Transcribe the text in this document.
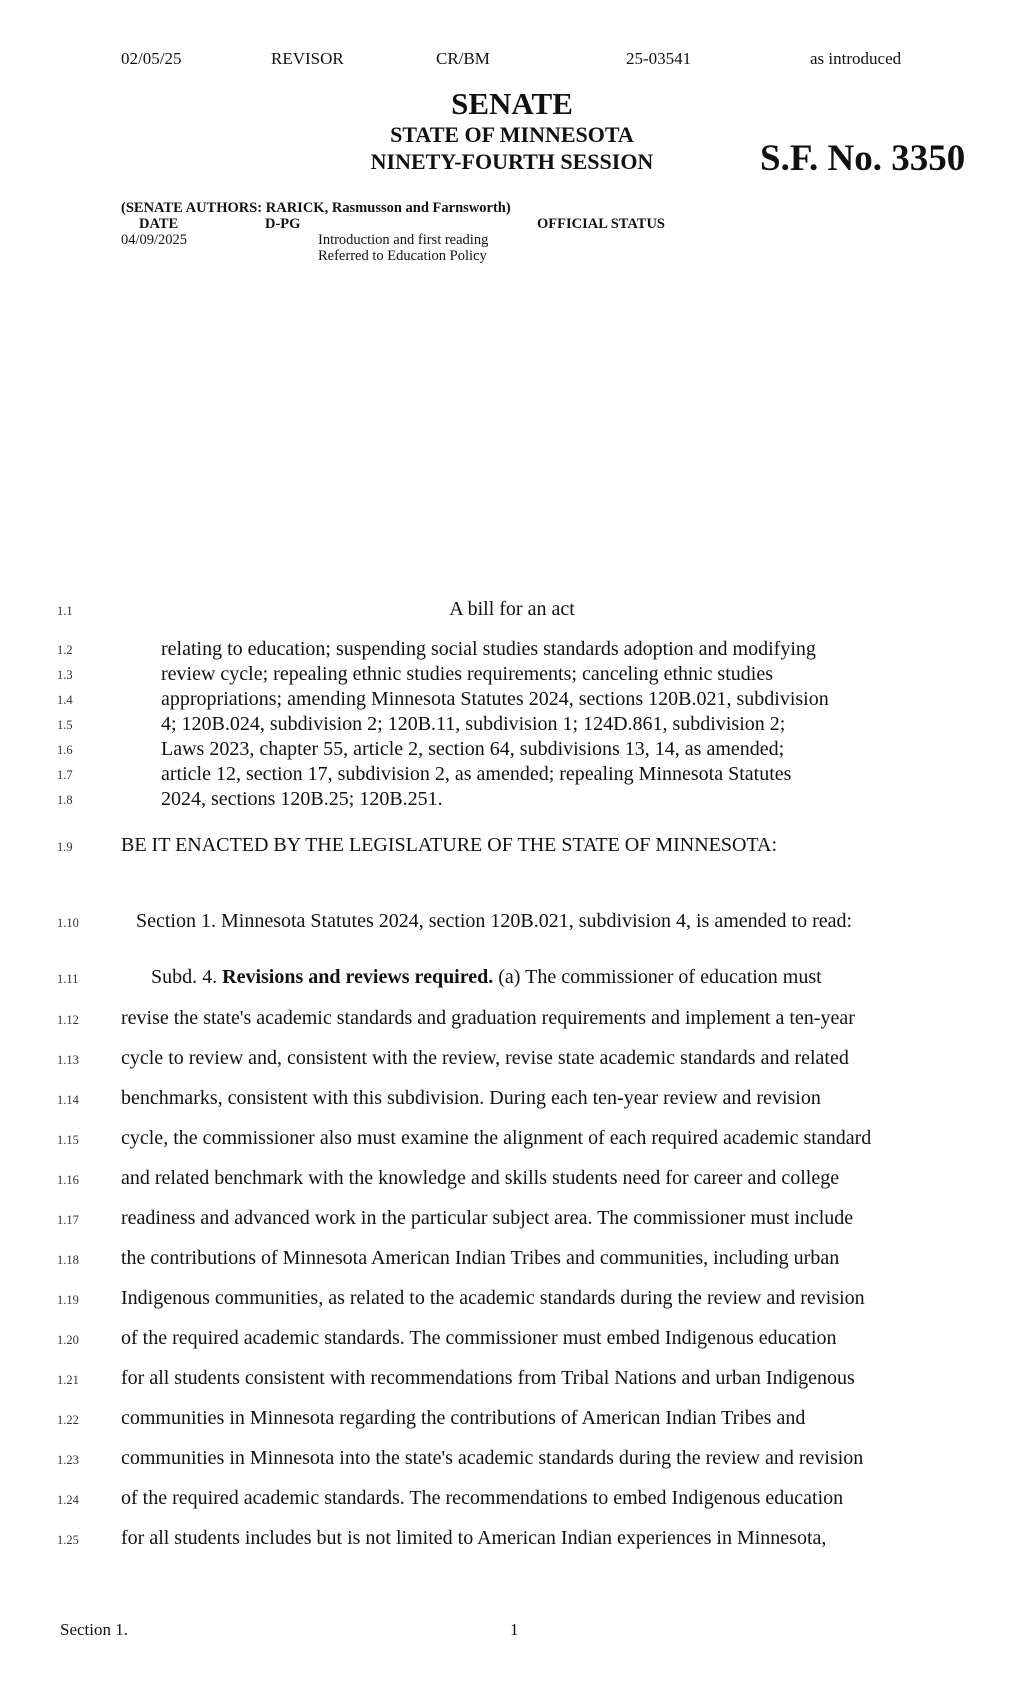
02/05/25	REVISOR	CR/BM	25-03541	as introduced
SENATE
STATE OF MINNESOTA
NINETY-FOURTH SESSION	S.F. No. 3350
(SENATE AUTHORS: RARICK, Rasmusson and Farnsworth)
DATE	D-PG	OFFICIAL STATUS
04/09/2025	Introduction and first reading
Referred to Education Policy
1.1
1.2
1.3
1.4
1.5
1.6
1.7
1.8
1.9
1.10
1.11
1.12
1.13
1.14
1.15
1.16
1.17
1.18
1.19
1.20
1.21
1.22
1.23
1.24
1.25
A bill for an act
relating to education; suspending social studies standards adoption and modifying
review cycle; repealing ethnic studies requirements; canceling ethnic studies
appropriations; amending Minnesota Statutes 2024, sections 120B.021, subdivision
4; 120B.024, subdivision 2; 120B.11, subdivision 1; 124D.861, subdivision 2;
Laws 2023, chapter 55, article 2, section 64, subdivisions 13, 14, as amended;
article 12, section 17, subdivision 2, as amended; repealing Minnesota Statutes
2024, sections 120B.25; 120B.251.
BE IT ENACTED BY THE LEGISLATURE OF THE STATE OF MINNESOTA:
Section 1. Minnesota Statutes 2024, section 120B.021, subdivision 4, is amended to read:
Subd. 4. Revisions and reviews required. (a) The commissioner of education must
revise the state's academic standards and graduation requirements and implement a ten-year
cycle to review and, consistent with the review, revise state academic standards and related
benchmarks, consistent with this subdivision. During each ten-year review and revision
cycle, the commissioner also must examine the alignment of each required academic standard
and related benchmark with the knowledge and skills students need for career and college
readiness and advanced work in the particular subject area. The commissioner must include
the contributions of Minnesota American Indian Tribes and communities, including urban
Indigenous communities, as related to the academic standards during the review and revision
of the required academic standards. The commissioner must embed Indigenous education
for all students consistent with recommendations from Tribal Nations and urban Indigenous
communities in Minnesota regarding the contributions of American Indian Tribes and
communities in Minnesota into the state's academic standards during the review and revision
of the required academic standards. The recommendations to embed Indigenous education
for all students includes but is not limited to American Indian experiences in Minnesota,
Section 1.	1
